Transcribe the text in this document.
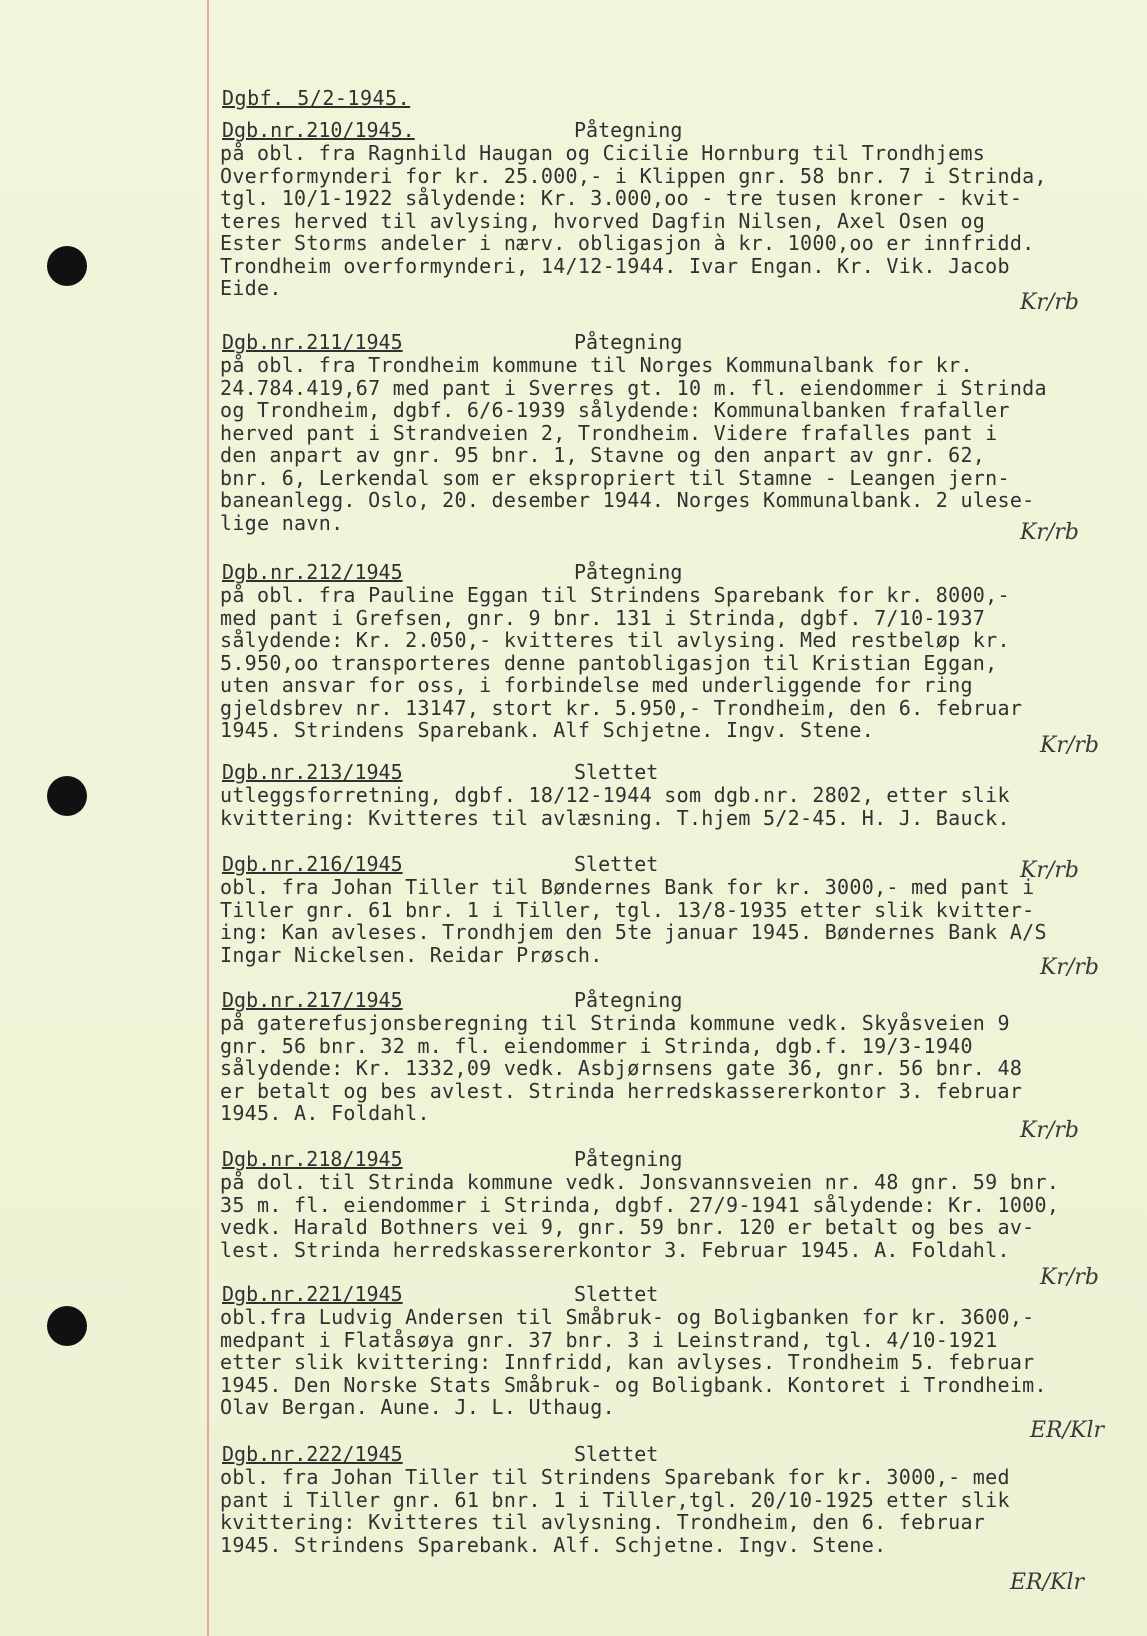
Dgbf. 5/2-1945.
Dgb.nr.210/1945.	Påtegning
på obl. fra Ragnhild Haugan og Cicilie Hornburg til Trondhjems
Overformynderi for kr. 25.000,- i Klippen gnr. 58 bnr. 7 i Strinda,
tgl. 10/1-1922 sålydende: Kr. 3.000,oo - tre tusen kroner - kvit-
teres herved til avlysing, hvorved Dagfin Nilsen, Axel Osen og
Ester Storms andeler i nærv. obligasjon à kr. 1000,oo er innfridd.
Trondheim overformynderi, 14/12-1944. Ivar Engan. Kr. Vik. Jacob
Eide.
Kr/rb
Dgb.nr.211/1945	Påtegning
på obl. fra Trondheim kommune til Norges Kommunalbank for kr.
24.784.419,67 med pant i Sverres gt. 10 m. fl. eiendommer i Strinda
og Trondheim, dgbf. 6/6-1939 sålydende: Kommunalbanken frafaller
herved pant i Strandveien 2, Trondheim. Videre frafalles pant i
den anpart av gnr. 95 bnr. 1, Stavne og den anpart av gnr. 62,
bnr. 6, Lerkendal som er ekspropriert til Stamne - Leangen jern-
baneanlegg. Oslo, 20. desember 1944. Norges Kommunalbank. 2 ulese-
lige navn.	Kr/rb
Dgb.nr.212/1945	Påtegning
på obl. fra Pauline Eggan til Strindens Sparebank for kr. 8000,-
med pant i Grefsen, gnr. 9 bnr. 131 i Strinda, dgbf. 7/10-1937
sålydende: Kr. 2.050,- kvitteres til avlysing. Med restbeløp kr.
5.950,oo transporteres denne pantobligasjon til Kristian Eggan,
uten ansvar for oss, i forbindelse med underliggende for ring
gjeldsbrev nr. 13147, stort kr. 5.950,- Trondheim, den 6. februar
1945. Strindens Sparebank. Alf Schjetne. Ingv. Stene.
Kr/rb
Dgb.nr.213/1945	Slettet
utleggsforretning, dgbf. 18/12-1944 som dgb.nr. 2802, etter slik
kvittering: Kvitteres til avlæsning. T.hjem 5/2-45. H. J. Bauck.
Kr/rb
Dgb.nr.216/1945	Slettet
obl. fra Johan Tiller til Bøndernes Bank for kr. 3000,- med pant i
Tiller gnr. 61 bnr. 1 i Tiller, tgl. 13/8-1935 etter slik kvitter-
ing: Kan avleses. Trondhjem den 5te januar 1945. Bøndernes Bank A/S
Ingar Nickelsen. Reidar Prøsch.
Kr/rb
Dgb.nr.217/1945	Påtegning
på gaterefusjonsberegning til Strinda kommune vedk. Skyåsveien 9
gnr. 56 bnr. 32 m. fl. eiendommer i Strinda, dgb.f. 19/3-1940
sålydende: Kr. 1332,09 vedk. Asbjørnsens gate 36, gnr. 56 bnr. 48
er betalt og bes avlest. Strinda herredskassererkontor 3. februar
1945. A. Foldahl.
Kr/rb
Dgb.nr.218/1945	Påtegning
på dol. til Strinda kommune vedk. Jonsvannsveien nr. 48 gnr. 59 bnr.
35 m. fl. eiendommer i Strinda, dgbf. 27/9-1941 sålydende: Kr. 1000,
vedk. Harald Bothners vei 9, gnr. 59 bnr. 120 er betalt og bes av-
lest. Strinda herredskassererkontor 3. Februar 1945. A. Foldahl.
Kr/rb
Dgb.nr.221/1945	Slettet
obl.fra Ludvig Andersen til Småbruk- og Boligbanken for kr. 3600,-
medpant i Flatåsøya gnr. 37 bnr. 3 i Leinstrand, tgl. 4/10-1921
etter slik kvittering: Innfridd, kan avlyses. Trondheim 5. februar
1945. Den Norske Stats Småbruk- og Boligbank. Kontoret i Trondheim.
Olav Bergan. Aune. J. L. Uthaug.
ER/Klr
Dgb.nr.222/1945	Slettet
obl. fra Johan Tiller til Strindens Sparebank for kr. 3000,- med
pant i Tiller gnr. 61 bnr. 1 i Tiller,tgl. 20/10-1925 etter slik
kvittering: Kvitteres til avlysning. Trondheim, den 6. februar
1945. Strindens Sparebank. Alf. Schjetne. Ingv. Stene.
ER/Klr
